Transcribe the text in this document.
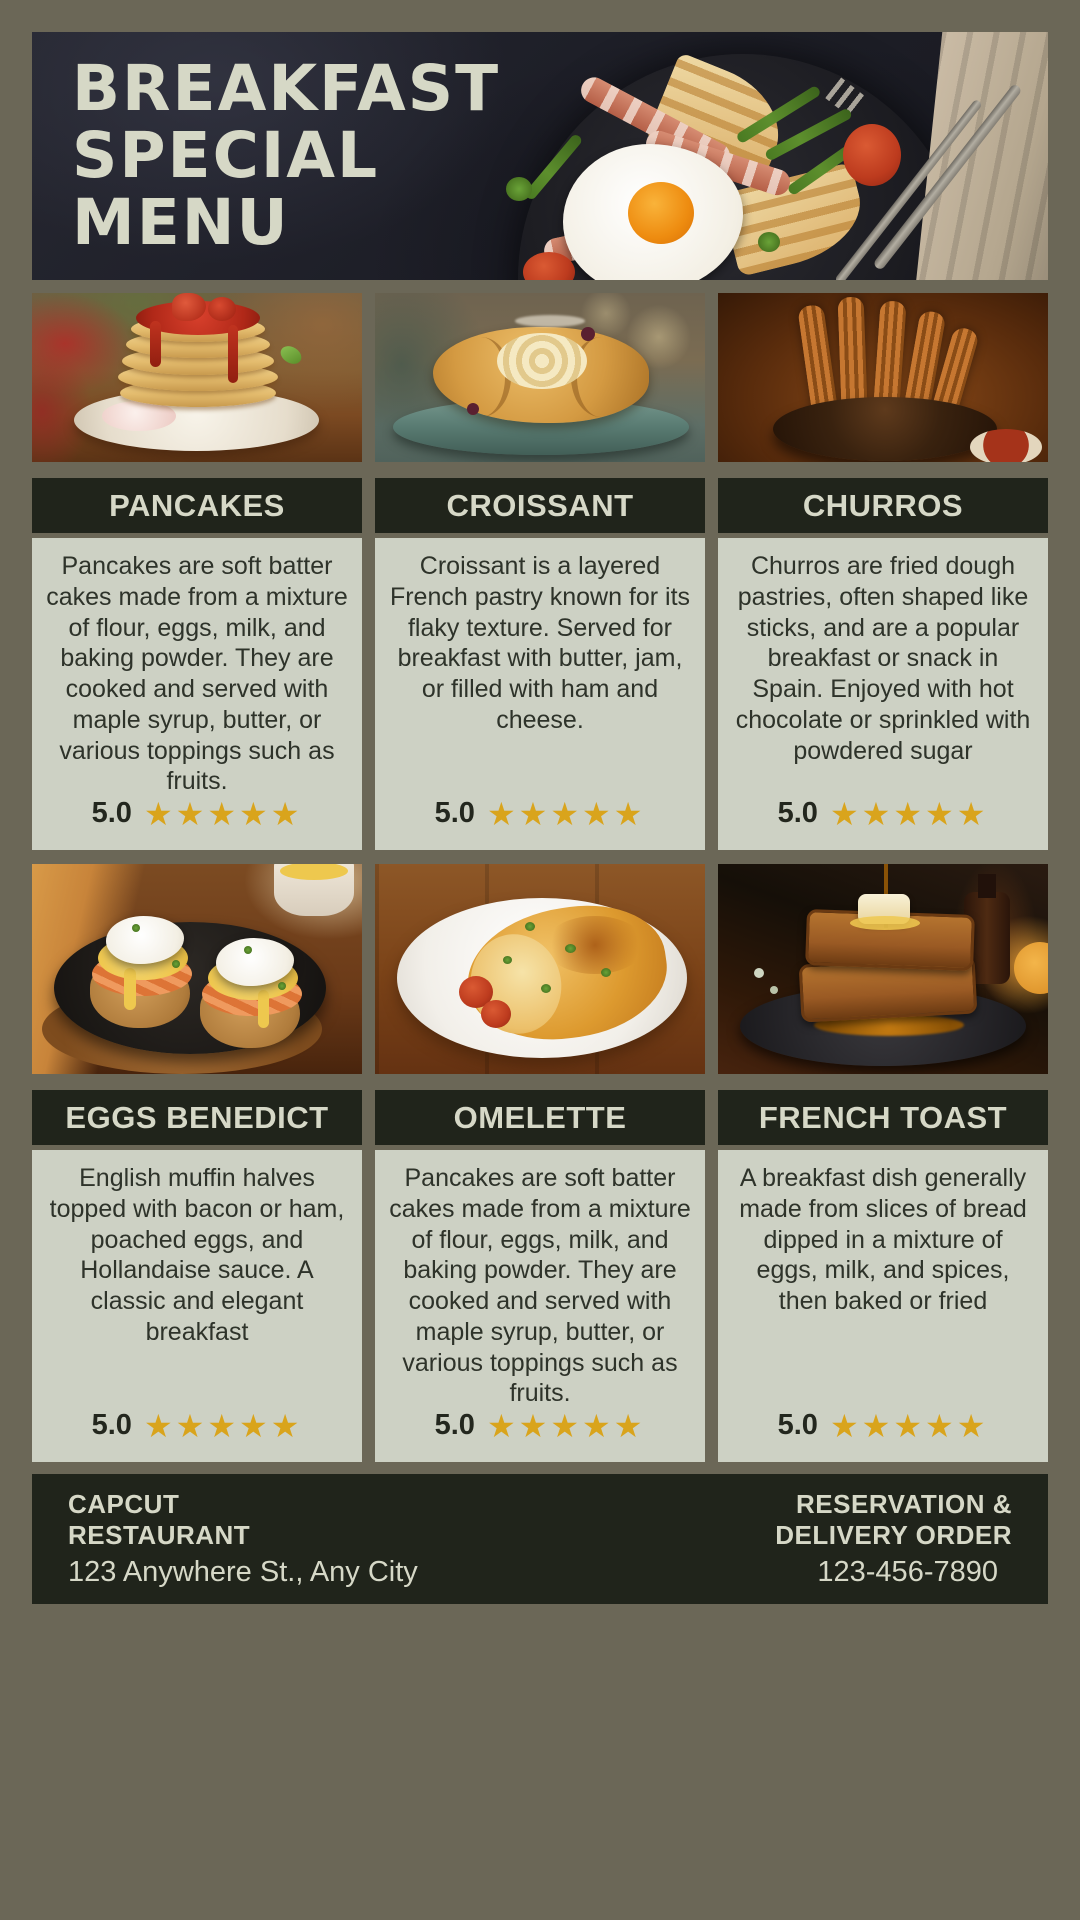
BREAKFAST
SPECIAL
MENU
PANCAKES	CROISSANT	CHURROS
Pancakes are soft batter cakes made from a mixture of flour, eggs, milk, and baking powder. They are cooked and served with maple syrup, butter, or various toppings such as fruits.
5.0 ★★★★★
Croissant is a layered French pastry known for its flaky texture. Served for breakfast with butter, jam, or filled with ham and cheese.
5.0 ★★★★★
Churros are fried dough pastries, often shaped like sticks, and are a popular breakfast or snack in Spain. Enjoyed with hot chocolate or sprinkled with powdered sugar
5.0 ★★★★★
EGGS BENEDICT	OMELETTE	FRENCH TOAST
English muffin halves topped with bacon or ham, poached eggs, and Hollandaise sauce. A classic and elegant breakfast
5.0 ★★★★★
Pancakes are soft batter cakes made from a mixture of flour, eggs, milk, and baking powder. They are cooked and served with maple syrup, butter, or various toppings such as fruits.
5.0 ★★★★★
A breakfast dish generally made from slices of bread dipped in a mixture of eggs, milk, and spices, then baked or fried
5.0 ★★★★★
CAPCUT
RESTAURANT
123 Anywhere St., Any City
RESERVATION &
DELIVERY ORDER
123-456-7890
